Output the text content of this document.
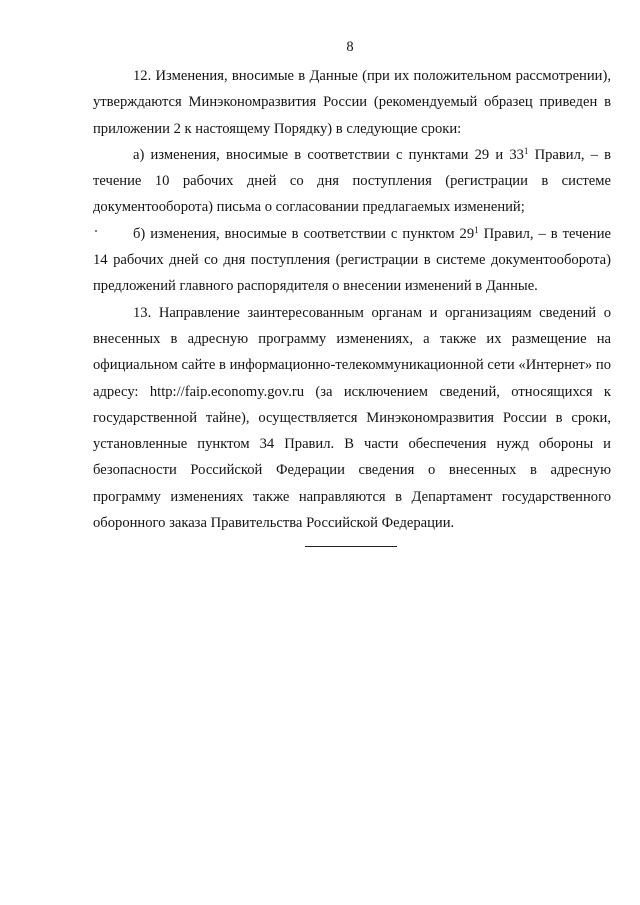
8

12. Изменения, вносимые в Данные (при их положительном рассмотрении), утверждаются Минэкономразвития России (рекомендуемый образец приведен в приложении 2 к настоящему Порядку) в следующие сроки:

а) изменения, вносимые в соответствии с пунктами 29 и $33^1$ Правил, – в течение 10 рабочих дней со дня поступления (регистрации в системе документооборота) письма о согласовании предлагаемых изменений;

б) изменения, вносимые в соответствии с пунктом $29^1$ Правил, – в течение 14 рабочих дней со дня поступления (регистрации в системе документооборота) предложений главного распорядителя о внесении изменений в Данные.

13. Направление заинтересованным органам и организациям сведений о внесенных в адресную программу изменениях, а также их размещение на официальном сайте в информационно-телекоммуникационной сети «Интернет» по адресу: http://faip.economy.gov.ru (за исключением сведений, относящихся к государственной тайне), осуществляется Минэкономразвития России в сроки, установленные пунктом 34 Правил. В части обеспечения нужд обороны и безопасности Российской Федерации сведения о внесенных в адресную программу изменениях также направляются в Департамент государственного оборонного заказа Правительства Российской Федерации.
